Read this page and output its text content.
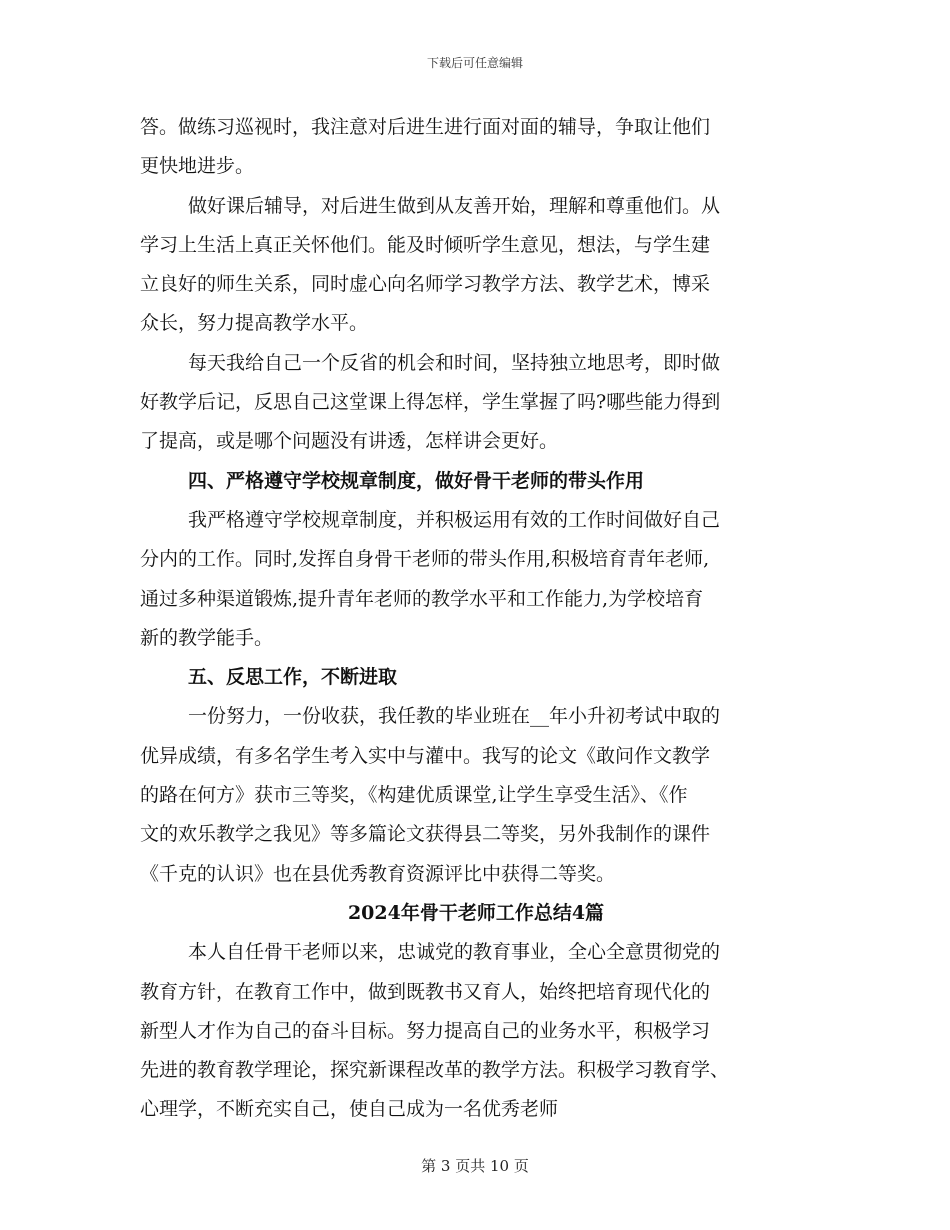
下载后可任意编辑
答。做练习巡视时，我注意对后进生进行面对面的辅导，争取让他们
更快地进步。
做好课后辅导，对后进生做到从友善开始，理解和尊重他们。从
学习上生活上真正关怀他们。能及时倾听学生意见，想法，与学生建
立良好的师生关系，同时虚心向名师学习教学方法、教学艺术，博采
众长，努力提高教学水平。
每天我给自己一个反省的机会和时间，坚持独立地思考，即时做
好教学后记，反思自己这堂课上得怎样，学生掌握了吗?哪些能力得到
了提高，或是哪个问题没有讲透，怎样讲会更好。
四、严格遵守学校规章制度，做好骨干老师的带头作用
我严格遵守学校规章制度，并积极运用有效的工作时间做好自己
分内的工作。同时,发挥自身骨干老师的带头作用,积极培育青年老师,
通过多种渠道锻炼,提升青年老师的教学水平和工作能力,为学校培育
新的教学能手。
五、反思工作，不断进取
一份努力，一份收获，我任教的毕业班在__年小升初考试中取的
优异成绩，有多名学生考入实中与灌中。我写的论文《敢问作文教学
的路在何方》获市三等奖，《构建优质课堂,让学生享受生活》、《作
文的欢乐教学之我见》等多篇论文获得县二等奖，另外我制作的课件
《千克的认识》也在县优秀教育资源评比中获得二等奖。
2024年骨干老师工作总结4篇
本人自任骨干老师以来，忠诚党的教育事业，全心全意贯彻党的
教育方针，在教育工作中，做到既教书又育人，始终把培育现代化的
新型人才作为自己的奋斗目标。努力提高自己的业务水平，积极学习
先进的教育教学理论，探究新课程改革的教学方法。积极学习教育学、
心理学，不断充实自己，使自己成为一名优秀老师
第 3 页共 10 页
